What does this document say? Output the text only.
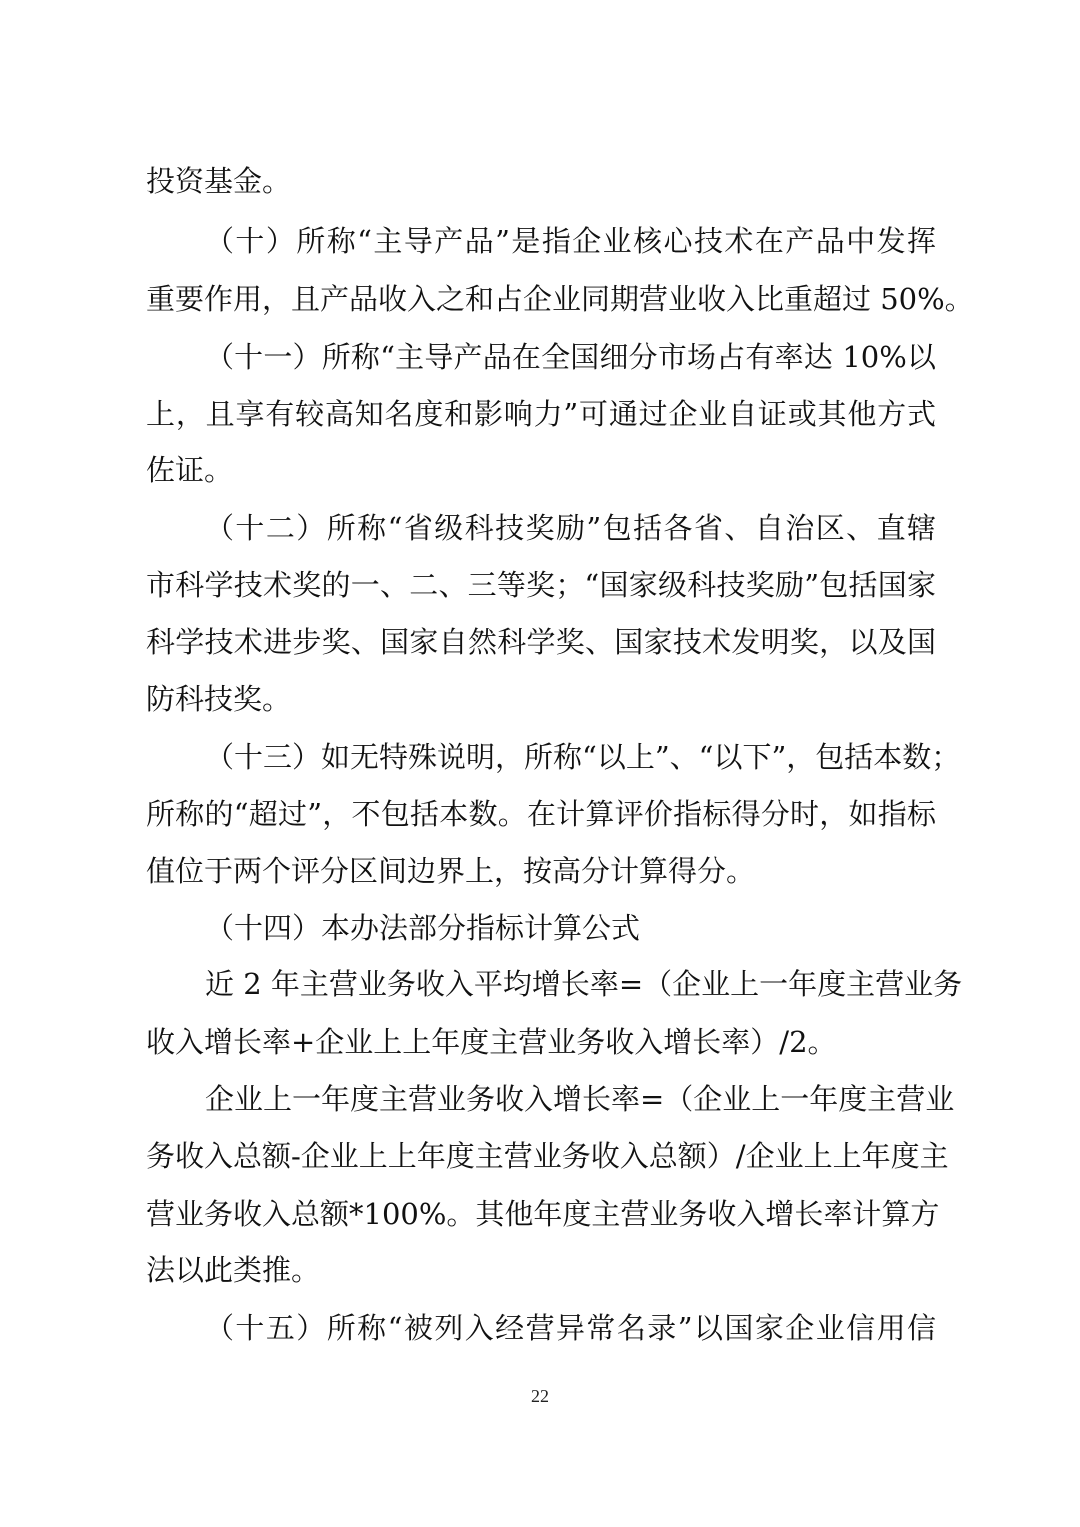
投资基金。
（十）所称“主导产品”是指企业核心技术在产品中发挥
重要作用，且产品收入之和占企业同期营业收入比重超过 50%。
（十一）所称“主导产品在全国细分市场占有率达 10%以
上，且享有较高知名度和影响力”可通过企业自证或其他方式
佐证。
（十二）所称“省级科技奖励”包括各省、自治区、直辖
市科学技术奖的一、二、三等奖；“国家级科技奖励”包括国家
科学技术进步奖、国家自然科学奖、国家技术发明奖，以及国
防科技奖。
（十三）如无特殊说明，所称“以上”、“以下”，包括本数；
所称的“超过”，不包括本数。在计算评价指标得分时，如指标
值位于两个评分区间边界上，按高分计算得分。
（十四）本办法部分指标计算公式
近 2 年主营业务收入平均增长率=（企业上一年度主营业务
收入增长率+企业上上年度主营业务收入增长率）/2。
企业上一年度主营业务收入增长率=（企业上一年度主营业
务收入总额-企业上上年度主营业务收入总额）/企业上上年度主
营业务收入总额*100%。其他年度主营业务收入增长率计算方
法以此类推。
（十五）所称“被列入经营异常名录”以国家企业信用信
22
